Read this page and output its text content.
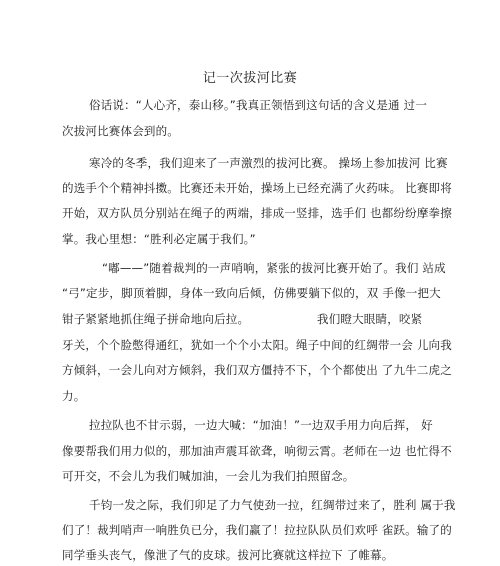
记一次拔河比赛
俗话说：“人心齐，泰山移。”我真正领悟到这句话的含义是通 过一
次拔河比赛体会到的。
寒冷的冬季，我们迎来了一声激烈的拔河比赛。 操场上参加拔河 比赛
的选手个个精神抖擞。比赛还未开始，操场上已经充满了火药味。 比赛即将
开始，双方队员分别站在绳子的两端，排成一竖排，选手们 也都纷纷摩拳擦
掌。我心里想：“胜利必定属于我们。”
“嘟——”随着裁判的一声哨响，紧张的拔河比赛开始了。我们 站成
“弓”定步，脚顶着脚，身体一致向后倾，仿佛要躺下似的，双 手像一把大
钳子紧紧地抓住绳子拼命地向后拉。	我们瞪大眼睛，咬紧
牙关，个个脸憋得通红，犹如一个个小太阳。绳子中间的红绸带一会 儿向我
方倾斜，一会儿向对方倾斜，我们双方僵持不下，个个都使出 了九牛二虎之
力。
拉拉队也不甘示弱，一边大喊：“加油！”一边双手用力向后挥， 好
像要帮我们用力似的，那加油声震耳欲聋，响彻云霄。老师在一边 也忙得不
可开交，不会儿为我们喊加油，一会儿为我们拍照留念。
千钧一发之际，我们卯足了力气使劲一拉，红绸带过来了，胜利 属于我
们了！裁判哨声一响胜负已分，我们赢了！拉拉队队员们欢呼 雀跃。输了的
同学垂头丧气，像泄了气的皮球。拔河比赛就这样拉下 了帷幕。
